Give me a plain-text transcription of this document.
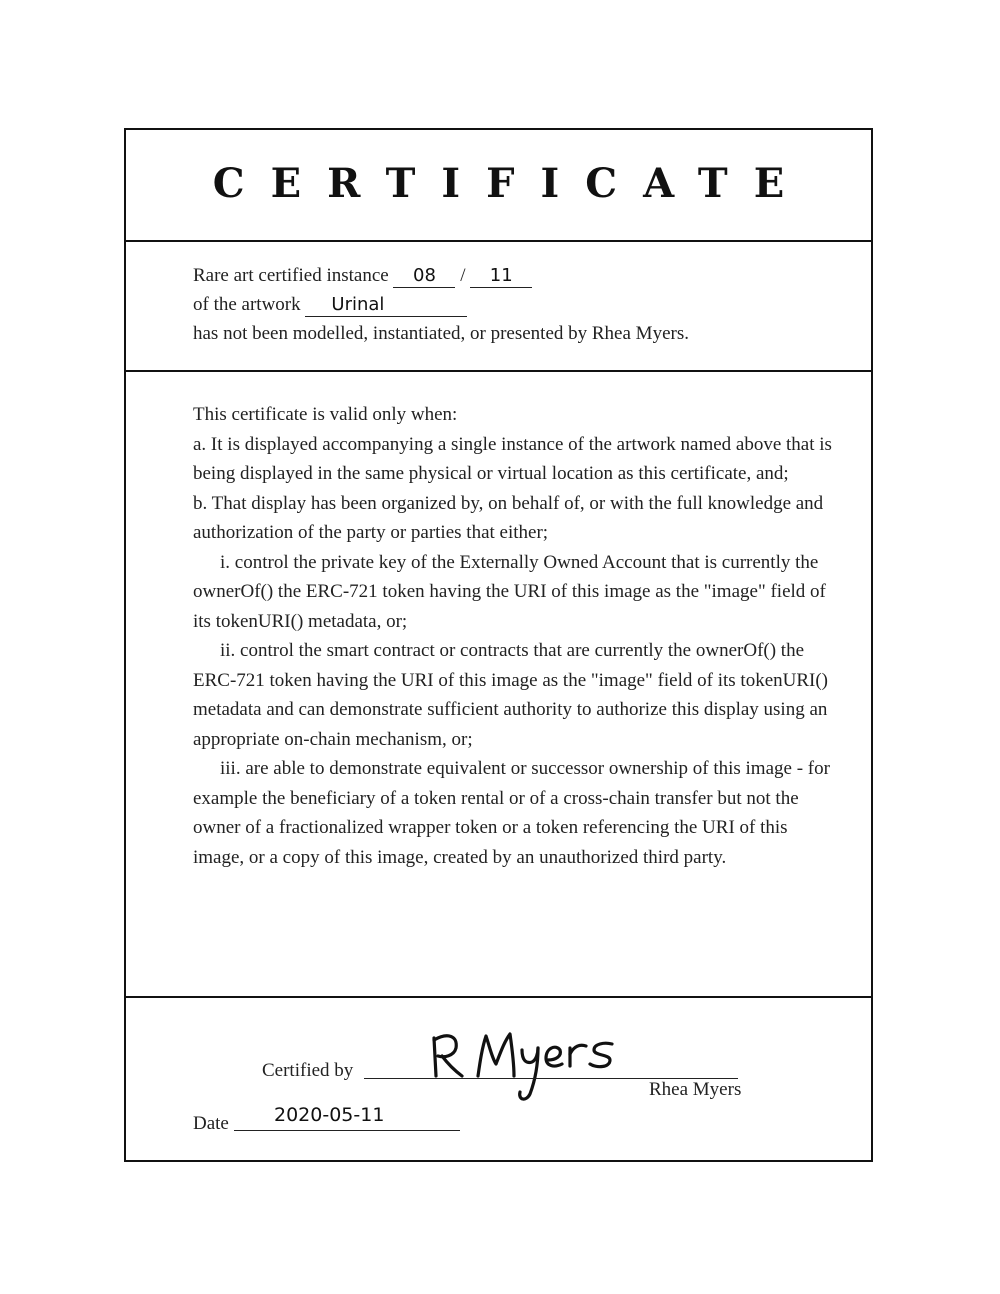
CERTIFICATE
Rare art certified instance 08 / 11
of the artwork Urinal
has not been modelled, instantiated, or presented by Rhea Myers.

This certificate is valid only when:

a. It is displayed accompanying a single instance of the artwork named above that is being displayed in the same physical or virtual location as this certificate, and;

b. That display has been organized by, on behalf of, or with the full knowledge and authorization of the party or parties that either;

i. control the private key of the Externally Owned Account that is currently the ownerOf() the ERC-721 token having the URI of this image as the "image" field of its tokenURI() metadata, or;

ii. control the smart contract or contracts that are currently the ownerOf() the ERC-721 token having the URI of this image as the "image" field of its tokenURI() metadata and can demonstrate sufficient authority to authorize this display using an appropriate on-chain mechanism, or;

iii. are able to demonstrate equivalent or successor ownership of this image - for example the beneficiary of a token rental or of a cross-chain transfer but not the owner of a fractionalized wrapper token or a token referencing the URI of this image, or a copy of this image, created by an unauthorized third party.

Certified by
Rhea Myers
Date 2020-05-11
